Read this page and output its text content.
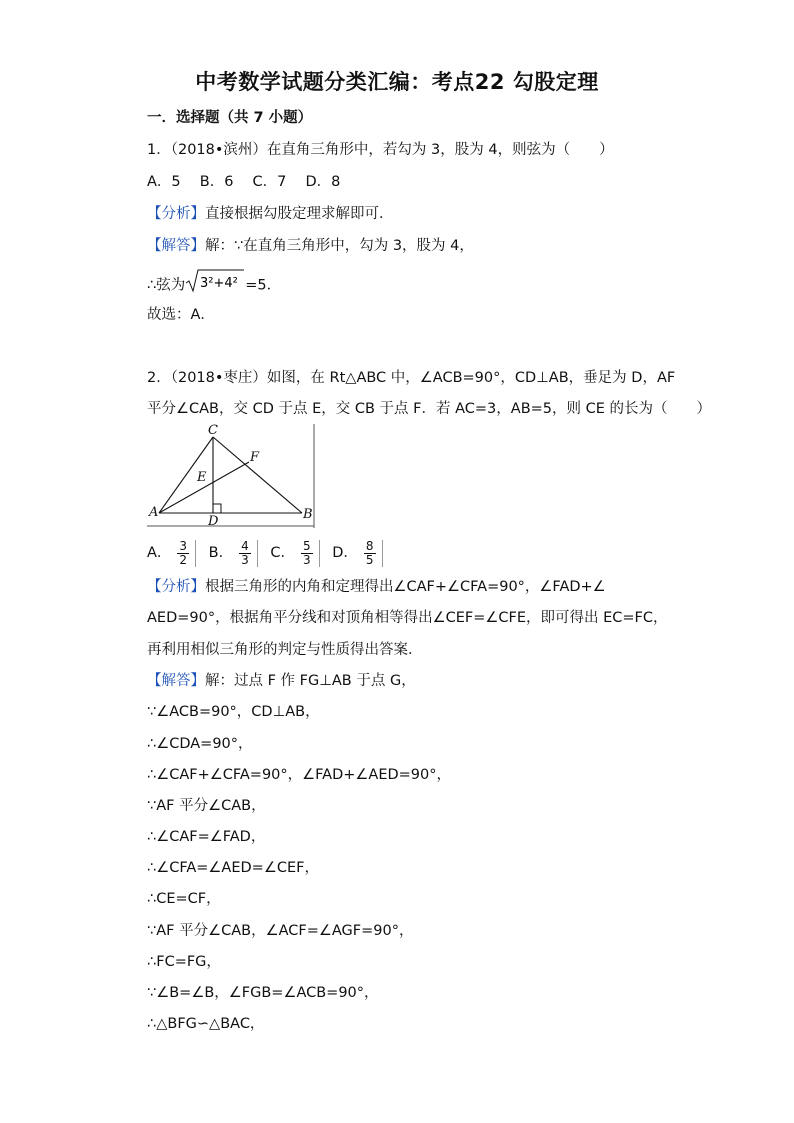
中考数学试题分类汇编：考点22 勾股定理
一．选择题（共 7 小题）
1．（2018•滨州）在直角三角形中，若勾为 3，股为 4，则弦为（　　）
A．5　 B．6　 C．7　 D．8
【分析】直接根据勾股定理求解即可．
【解答】解：∵在直角三角形中，勾为 3，股为 4，
∴弦为 3²+4² =5．
故选：A．
2．（2018•枣庄）如图，在 Rt△ABC 中，∠ACB=90°，CD⊥AB，垂足为 D，AF
平分∠CAB，交 CD 于点 E，交 CB 于点 F．若 AC=3，AB=5，则 CE 的长为（　　）
C
A	B
D
E
F
A． $\frac{3}{2}$ B． $\frac{4}{3}$ C． $\frac{5}{3}$ D． $\frac{8}{5}$
【分析】根据三角形的内角和定理得出∠CAF+∠CFA=90°，∠FAD+∠
AED=90°，根据角平分线和对顶角相等得出∠CEF=∠CFE，即可得出 EC=FC，
再利用相似三角形的判定与性质得出答案．
【解答】解：过点 F 作 FG⊥AB 于点 G，
∵∠ACB=90°，CD⊥AB，
∴∠CDA=90°，
∴∠CAF+∠CFA=90°，∠FAD+∠AED=90°，
∵AF 平分∠CAB，
∴∠CAF=∠FAD，
∴∠CFA=∠AED=∠CEF，
∴CE=CF，
∵AF 平分∠CAB，∠ACF=∠AGF=90°，
∴FC=FG，
∵∠B=∠B，∠FGB=∠ACB=90°，
∴△BFG∽△BAC，
